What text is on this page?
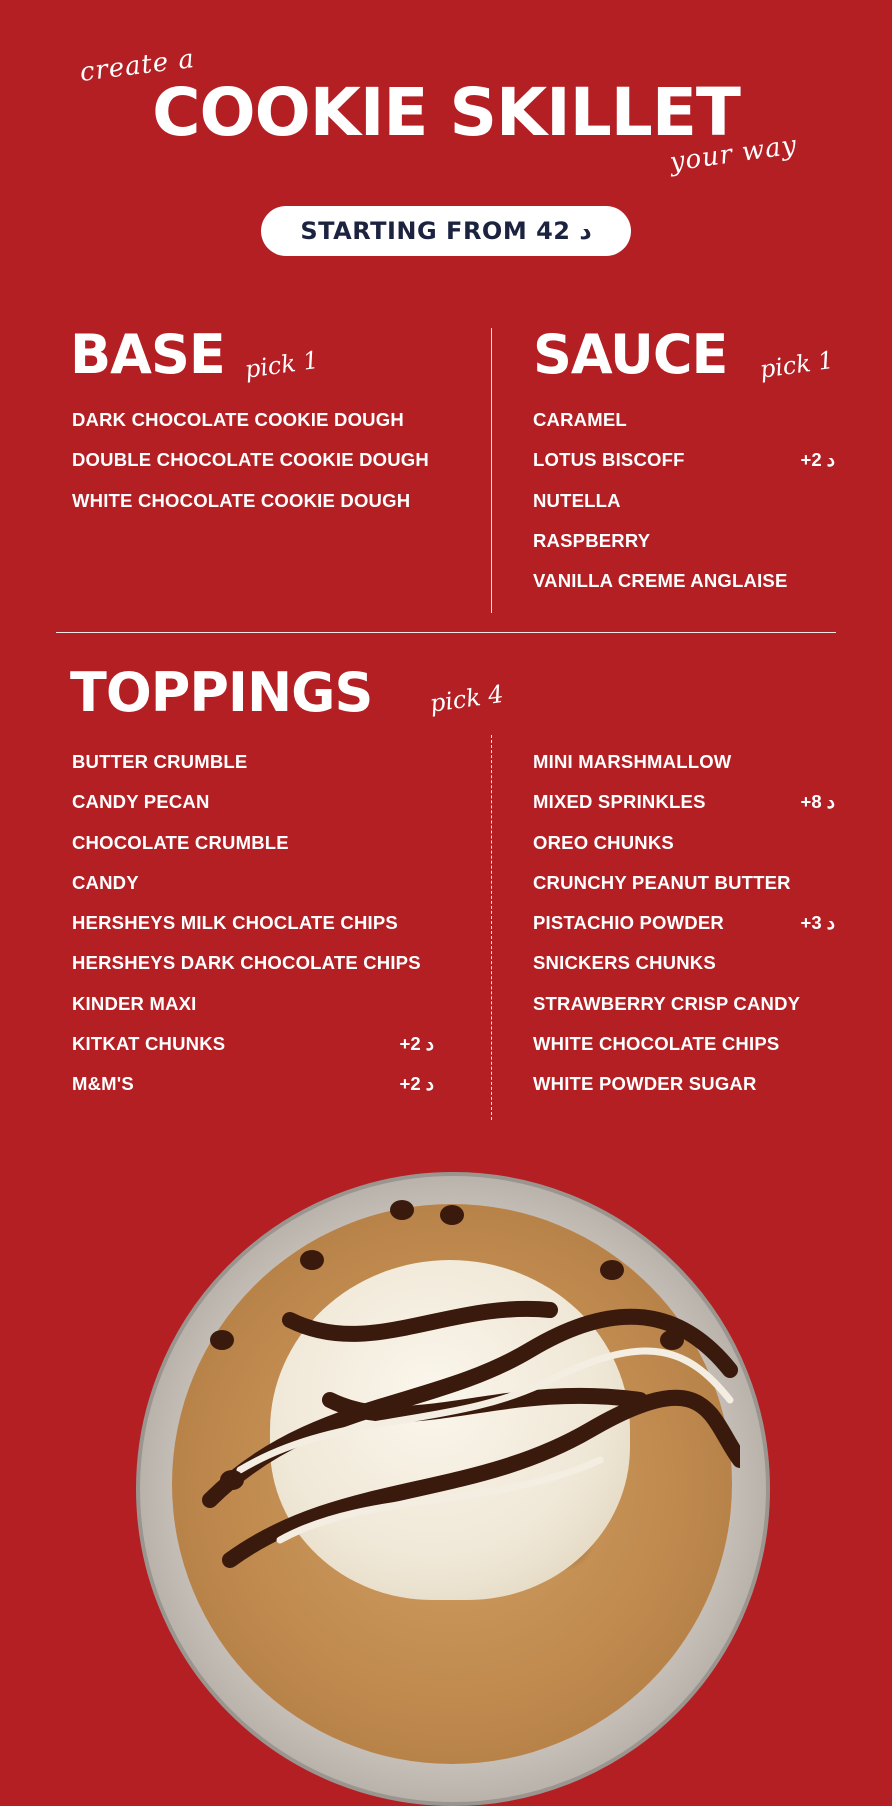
create a
COOKIE SKILLET
your way
STARTING FROM 42 د
BASE pick 1
DARK CHOCOLATE COOKIE DOUGH
DOUBLE CHOCOLATE COOKIE DOUGH
WHITE CHOCOLATE COOKIE DOUGH
SAUCE pick 1
CARAMEL
LOTUS BISCOFF	+2 د
NUTELLA
RASPBERRY
VANILLA CREME ANGLAISE
TOPPINGS pick 4
BUTTER CRUMBLE
CANDY PECAN
CHOCOLATE CRUMBLE
CANDY
HERSHEYS MILK CHOCLATE CHIPS
HERSHEYS DARK CHOCOLATE CHIPS
KINDER MAXI
KITKAT CHUNKS	+2 د
M&M'S	+2 د
MINI MARSHMALLOW
MIXED SPRINKLES	+8 د
OREO CHUNKS
CRUNCHY PEANUT BUTTER
PISTACHIO POWDER	+3 د
SNICKERS CHUNKS
STRAWBERRY CRISP CANDY
WHITE CHOCOLATE CHIPS
WHITE POWDER SUGAR
